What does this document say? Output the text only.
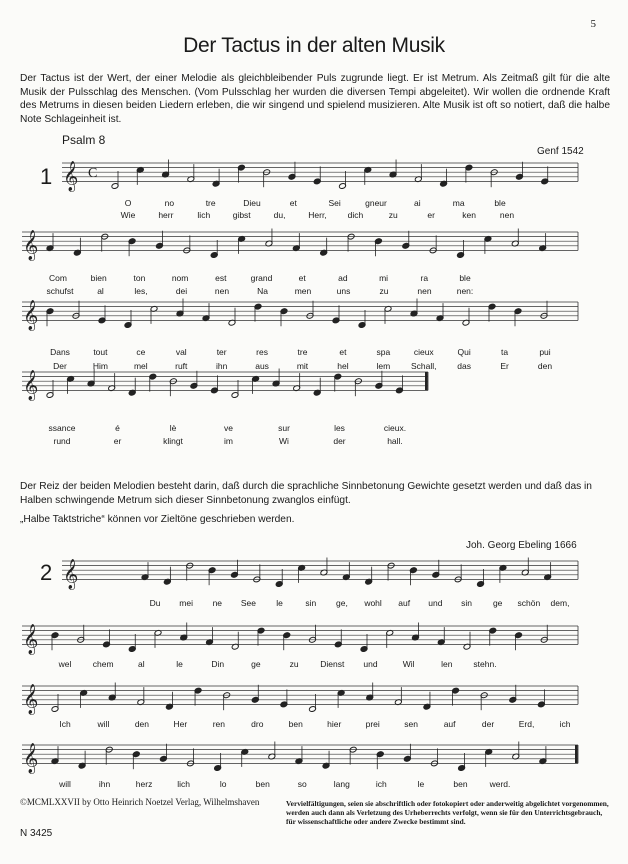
5
Der Tactus in der alten Musik
Der Tactus ist der Wert, der einer Melodie als gleichbleibender Puls zugrunde liegt. Er ist Metrum. Als Zeitmaß gilt für die alte Musik der Pulsschlag des Menschen. (Vom Pulsschlag her wurden die diversen Tempi abgeleitet). Wir wollen die ordnende Kraft des Metrums in diesen beiden Liedern erleben, die wir singend und spielend musizieren. Alte Musik ist oft so notiert, daß die halbe Note Schlageinheit ist.
Psalm 8
Genf 1542
1 𝄞
𝄞
𝄞
𝄞
𝄞
𝄞
𝄞
𝄞
C
O	no	tre	Dieu	et	Sei	gneur	ai	ma	ble
Com	bien	ton	nom	est	grand	et	ad	mi	ra	ble
Dans	tout	ce	val	ter	res	tre	et	spa	cieux	Qui	ta	pui
ssance	é	lè	ve	sur	les	cieux.
Wie	herr	lich	gibst	du,	Herr, dich	zu	er	ken	nen
schufst	al	les,	dei	nen	Na	men	uns	zu	nen	nen:
Der	Him	mel	ruft	ihn	aus	mit	hel	lem Schall, das	Er	den
rund	er	klingt	im	Wi	der	hall.
Der Reiz der beiden Melodien besteht darin, daß durch die sprachliche Sinnbetonung Gewichte gesetzt werden und daß das in Halben schwingende Metrum sich dieser Sinnbetonung zwanglos einfügt.
„Halbe Taktstriche“ können vor Zieltöne geschrieben werden.
Joh. Georg Ebeling 1666
2
Du mei ne See le	sin ge, wohl auf und sin ge schön dem,
wel	chem	al	le	Din	ge	zu	Dienst und	Wil	len stehn.
Ich	will	den	Her	ren	dro	ben	hier	prei	sen	auf	der	Erd,	ich
will	ihn	herz	lich	lo	ben	so	lang	ich	le	ben	werd.
©MCMLXXVII by Otto Heinrich Noetzel Verlag, Wilhelmshaven
N 3425
Vervielfältigungen, seien sie abschriftlich oder fotokopiert oder anderweitig abgelichtet vorgenommen, werden auch dann als Verletzung des Urheberrechts verfolgt, wenn sie für den Unterrichtsgebrauch, für wissenschaftliche oder andere Zwecke bestimmt sind.
